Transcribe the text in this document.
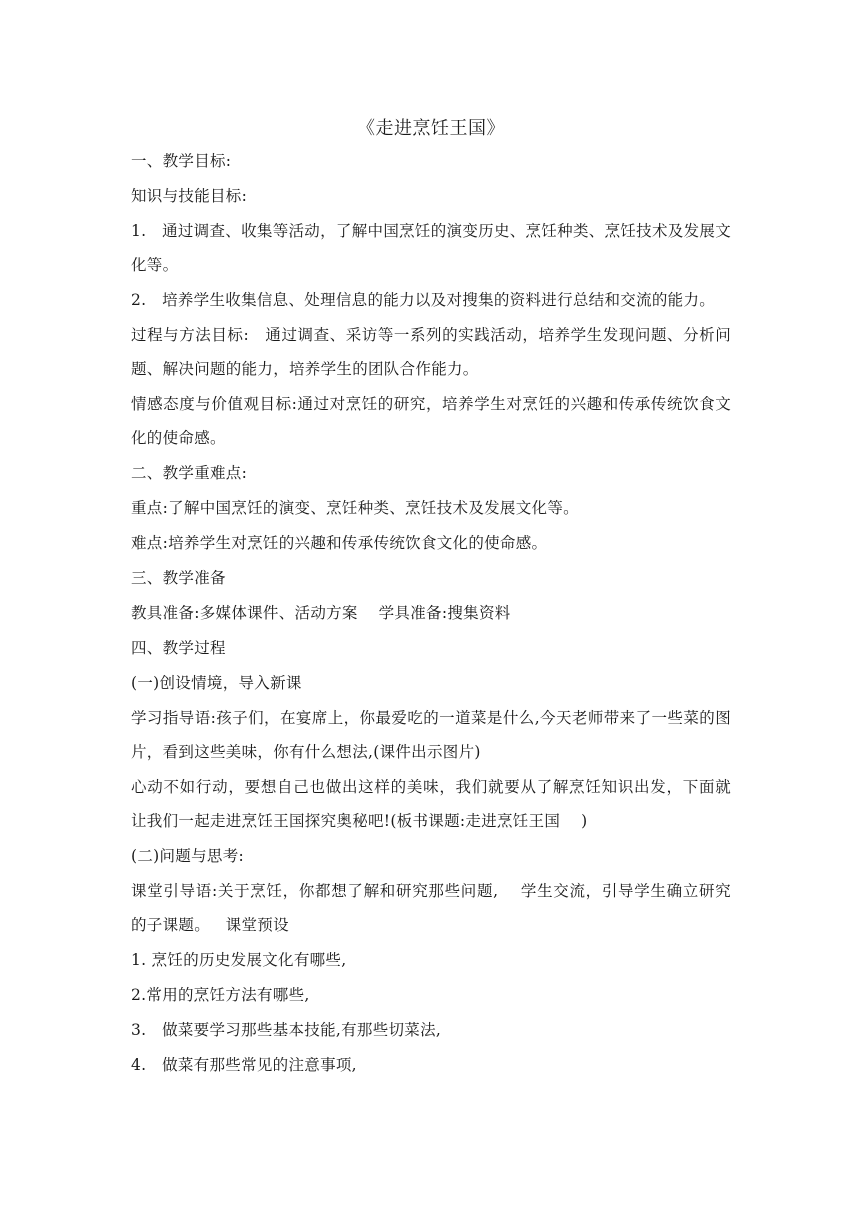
《走进烹饪王国》
一、教学目标:
知识与技能目标:
1.   通过调查、收集等活动，了解中国烹饪的演变历史、烹饪种类、烹饪技术及发展文化等。
2.   培养学生收集信息、处理信息的能力以及对搜集的资料进行总结和交流的能力。
过程与方法目标:   通过调查、采访等一系列的实践活动，培养学生发现问题、分析问题、解决问题的能力，培养学生的团队合作能力。
情感态度与价值观目标:通过对烹饪的研究，培养学生对烹饪的兴趣和传承传统饮食文化的使命感。
二、教学重难点:
重点:了解中国烹饪的演变、烹饪种类、烹饪技术及发展文化等。
难点:培养学生对烹饪的兴趣和传承传统饮食文化的使命感。
三、教学准备
教具准备:多媒体课件、活动方案    学具准备:搜集资料
四、教学过程
(一)创设情境，导入新课
学习指导语:孩子们，在宴席上，你最爱吃的一道菜是什么,今天老师带来了一些菜的图片，看到这些美味，你有什么想法,(课件出示图片)
心动不如行动，要想自己也做出这样的美味，我们就要从了解烹饪知识出发，下面就让我们一起走进烹饪王国探究奥秘吧!(板书课题:走进烹饪王国    )
(二)问题与思考:
课堂引导语:关于烹饪，你都想了解和研究那些问题,    学生交流，引导学生确立研究的子课题。   课堂预设
1. 烹饪的历史发展文化有哪些,
2.常用的烹饪方法有哪些,
3.   做菜要学习那些基本技能,有那些切菜法,
4.   做菜有那些常见的注意事项,
